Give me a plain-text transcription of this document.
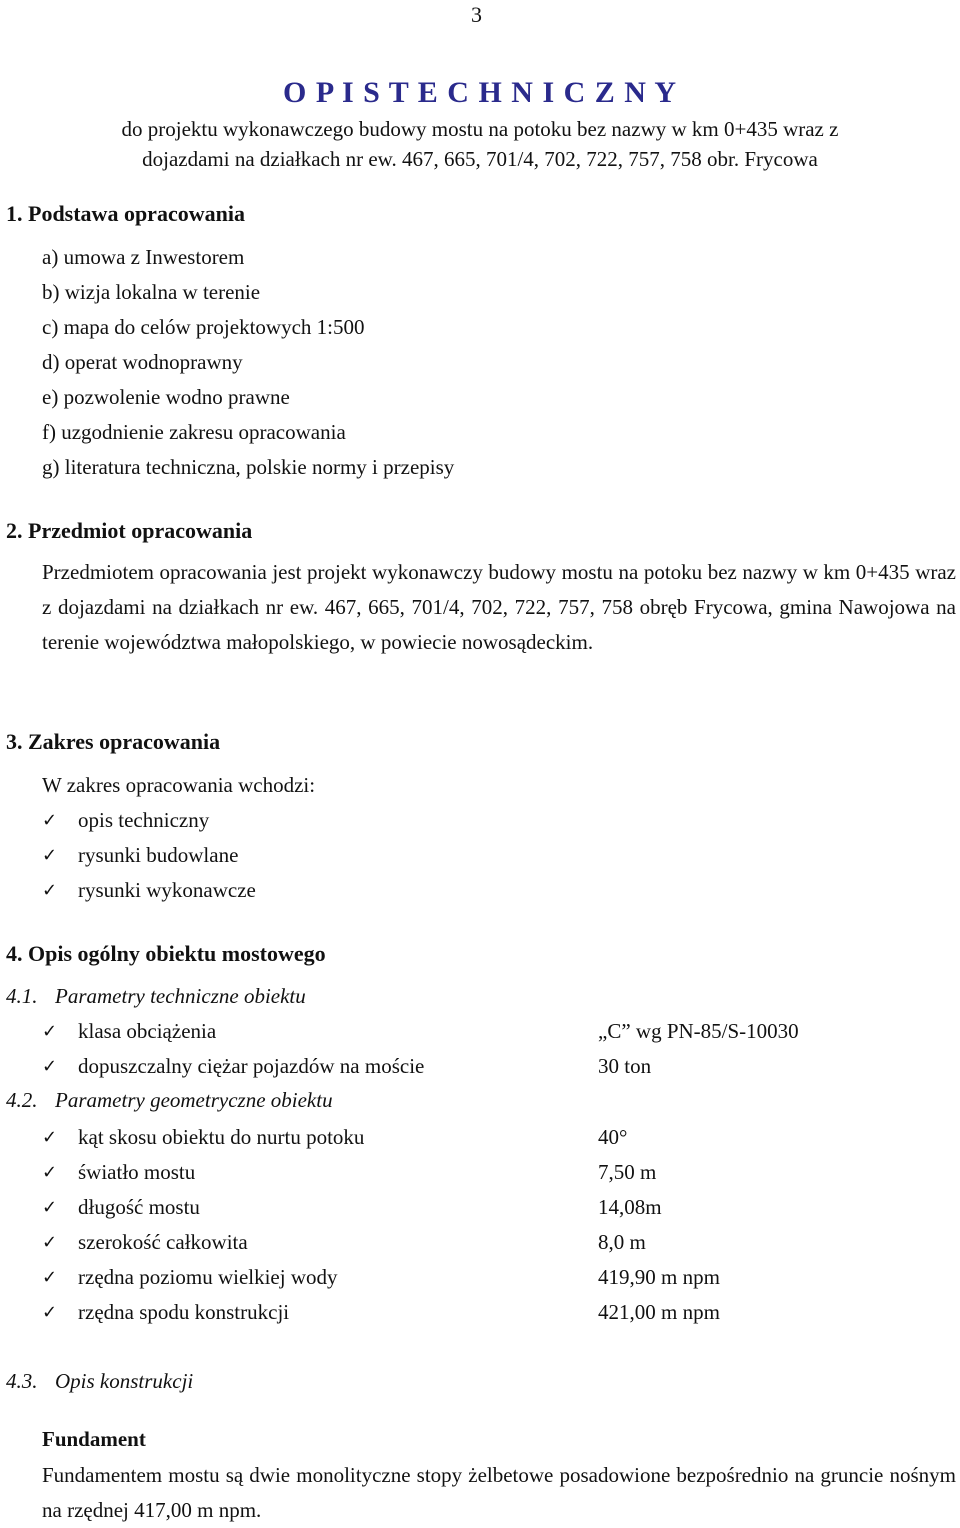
3
O P I S T E C H N I C Z N Y
do projektu wykonawczego budowy mostu na potoku bez nazwy w km 0+435 wraz z
dojazdami na działkach nr ew. 467, 665, 701/4, 702, 722, 757, 758 obr. Frycowa
1. Podstawa opracowania
a) umowa z Inwestorem
b) wizja lokalna w terenie
c) mapa do celów projektowych 1:500
d) operat wodnoprawny
e) pozwolenie wodno prawne
f) uzgodnienie zakresu opracowania
g) literatura techniczna, polskie normy i przepisy
2. Przedmiot opracowania
Przedmiotem opracowania jest projekt wykonawczy budowy mostu na potoku bez nazwy w km 0+435 wraz z dojazdami na działkach nr ew. 467, 665, 701/4, 702, 722, 757, 758 obręb Frycowa, gmina Nawojowa na terenie województwa małopolskiego, w powiecie nowosądeckim.
3. Zakres opracowania
W zakres opracowania wchodzi:
✓ opis techniczny
✓ rysunki budowlane
✓ rysunki wykonawcze
4. Opis ogólny obiektu mostowego
4.1. Parametry techniczne obiektu
✓ klasa obciążenia	„C” wg PN-85/S-10030
✓ dopuszczalny ciężar pojazdów na moście	30 ton
4.2. Parametry geometryczne obiektu
✓ kąt skosu obiektu do nurtu potoku	40°
✓ światło mostu	7,50 m
✓ długość mostu	14,08m
✓ szerokość całkowita	8,0 m
✓ rzędna poziomu wielkiej wody	419,90 m npm
✓ rzędna spodu konstrukcji	421,00 m npm
4.3. Opis konstrukcji
Fundament
Fundamentem mostu są dwie monolityczne stopy żelbetowe posadowione bezpośrednio na gruncie nośnym na rzędnej 417,00 m npm.
